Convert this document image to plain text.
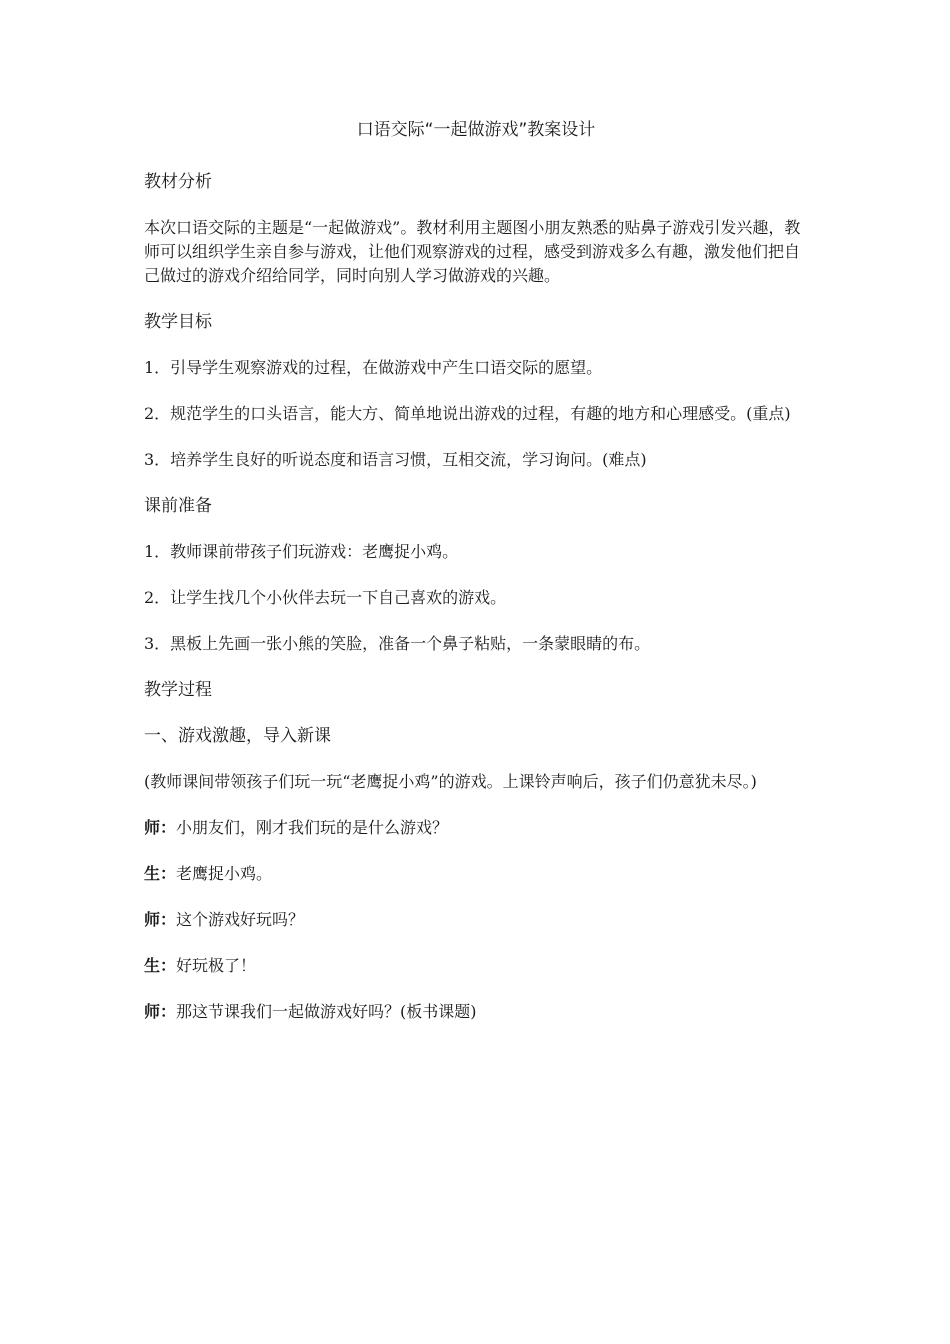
口语交际“一起做游戏”教案设计
教材分析
本次口语交际的主题是“一起做游戏”。教材利用主题图小朋友熟悉的贴鼻子游戏引发兴趣，教师可以组织学生亲自参与游戏，让他们观察游戏的过程，感受到游戏多么有趣，激发他们把自己做过的游戏介绍给同学，同时向别人学习做游戏的兴趣。
教学目标
1．引导学生观察游戏的过程，在做游戏中产生口语交际的愿望。
2．规范学生的口头语言，能大方、简单地说出游戏的过程，有趣的地方和心理感受。(重点)
3．培养学生良好的听说态度和语言习惯，互相交流，学习询问。(难点)
课前准备
1．教师课前带孩子们玩游戏：老鹰捉小鸡。
2．让学生找几个小伙伴去玩一下自己喜欢的游戏。
3．黑板上先画一张小熊的笑脸，准备一个鼻子粘贴，一条蒙眼睛的布。
教学过程
一、游戏激趣，导入新课
(教师课间带领孩子们玩一玩“老鹰捉小鸡”的游戏。上课铃声响后，孩子们仍意犹未尽。)
师：小朋友们，刚才我们玩的是什么游戏？
生：老鹰捉小鸡。
师：这个游戏好玩吗？
生：好玩极了！
师：那这节课我们一起做游戏好吗？(板书课题)
